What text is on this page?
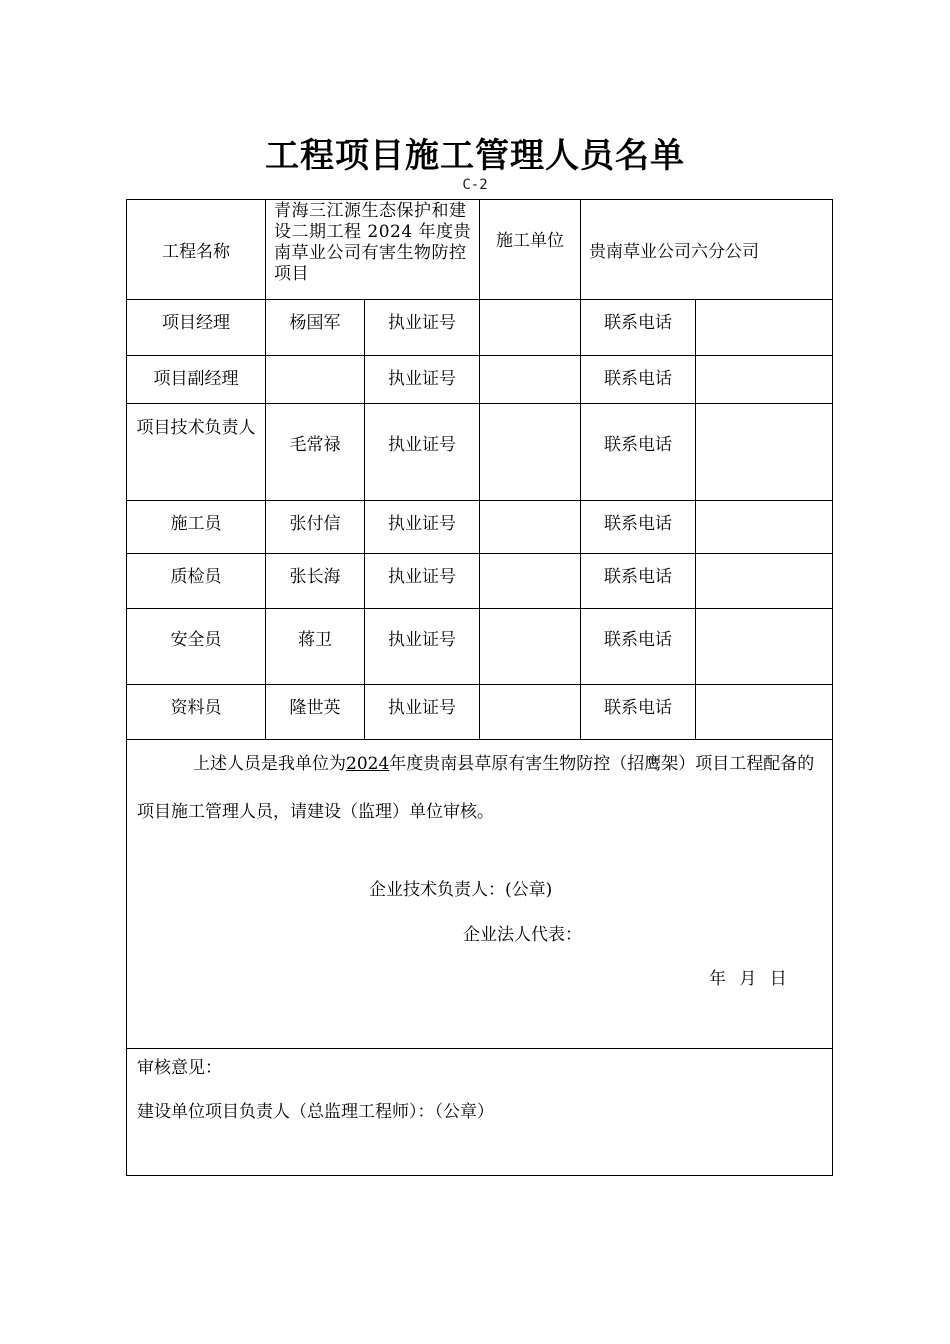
工程项目施工管理人员名单
C-2
工程名称	青海三江源生态保护和建设二期工程 2024 年度贵南草业公司有害生物防控项目		施工单位	贵南草业公司六分公司	
项目经理	杨国军	执业证号		联系电话	
项目副经理		执业证号		联系电话	
项目技术负责人	毛常禄	执业证号		联系电话	
施工员	张付信	执业证号		联系电话	
质检员	张长海	执业证号		联系电话	
安全员	蒋卫	执业证号		联系电话	
资料员	隆世英	执业证号		联系电话	

上述人员是我单位为2024年度贵南县草原有害生物防控（招鹰架）项目工程配备的项目施工管理人员，请建设（监理）单位审核。
企业技术负责人：(公章)
企业法人代表：
年 月 日					

审核意见：
建设单位项目负责人（总监理工程师）：（公章）					
